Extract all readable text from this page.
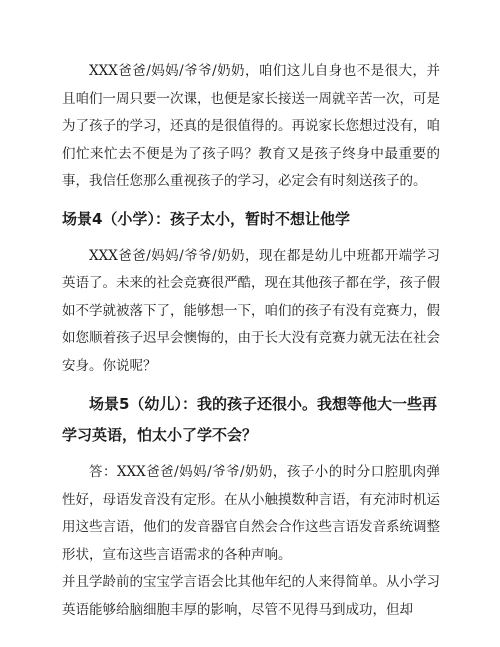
XXX爸爸/妈妈/爷爷/奶奶，咱们这儿自身也不是很大，并且咱们一周只要一次课，也便是家长接送一周就辛苦一次，可是为了孩子的学习，还真的是很值得的。再说家长您想过没有，咱们忙来忙去不便是为了孩子吗？教育又是孩子终身中最重要的事，我信任您那么重视孩子的学习，必定会有时刻送孩子的。

场景4（小学）：孩子太小，暂时不想让他学

XXX爸爸/妈妈/爷爷/奶奶，现在都是幼儿中班都开端学习英语了。未来的社会竞赛很严酷，现在其他孩子都在学，孩子假如不学就被落下了，能够想一下，咱们的孩子有没有竞赛力，假如您顺着孩子迟早会懊悔的，由于长大没有竞赛力就无法在社会安身。你说呢？

场景5（幼儿）：我的孩子还很小。我想等他大一些再学习英语，怕太小了学不会？

答：XXX爸爸/妈妈/爷爷/奶奶，孩子小的时分口腔肌肉弹性好，母语发音没有定形。在从小触摸数种言语，有充沛时机运用这些言语，他们的发音器官自然会合作这些言语发音系统调整形状，宣布这些言语需求的各种声响。

并且学龄前的宝宝学言语会比其他年纪的人来得简单。从小学习英语能够给脑细胞丰厚的影响，尽管不见得马到成功，但却
